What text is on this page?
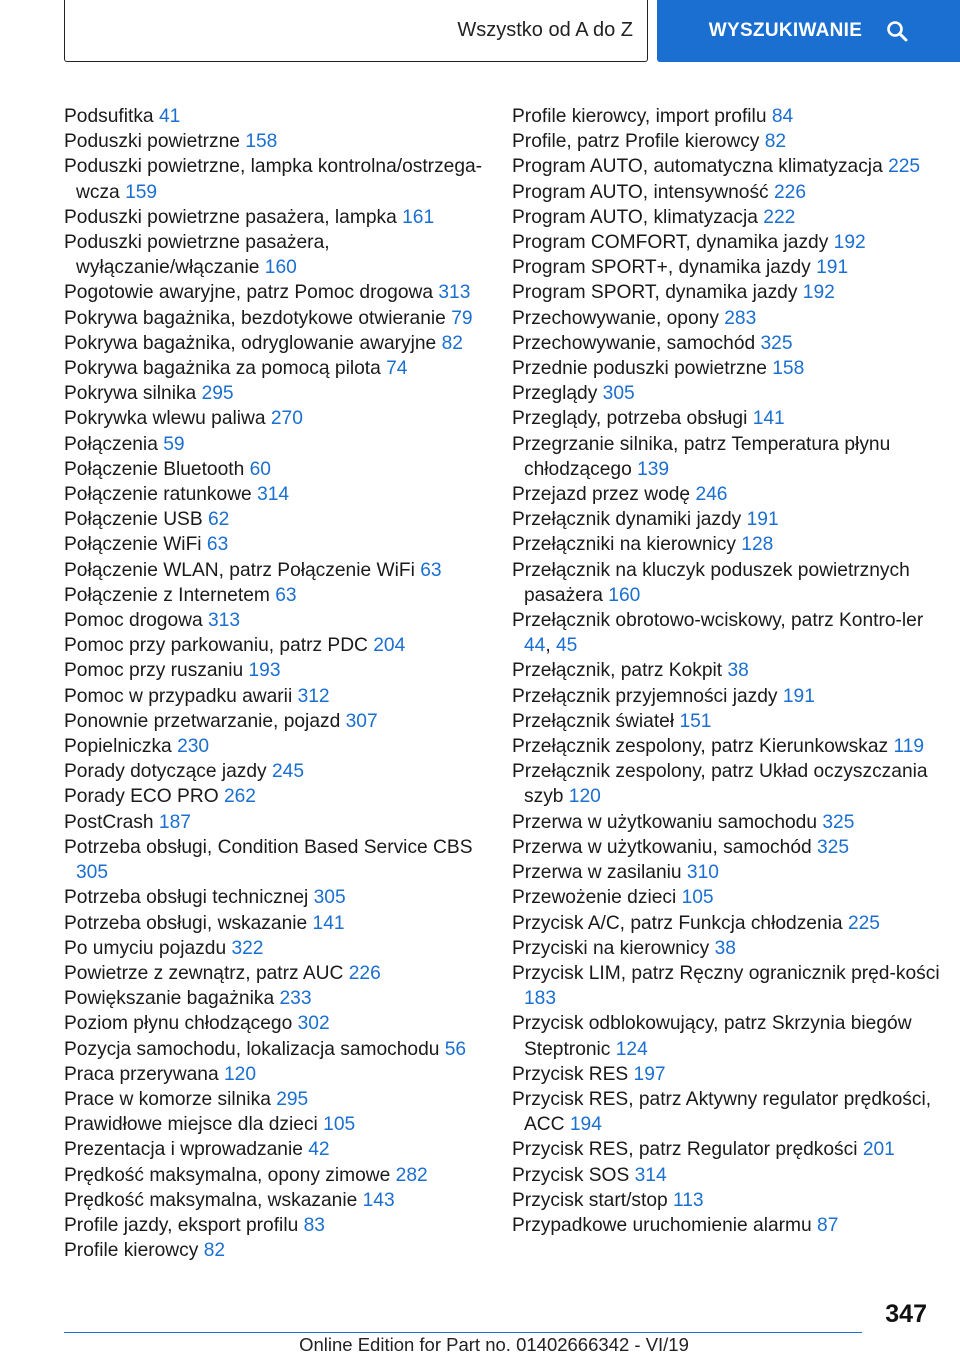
Wszystko od A do Z	WYSZUKIWANIE
Podsufitka 41
Poduszki powietrzne 158
Poduszki powietrzne, lampka kontrolna/ostrzega‐wcza 159
Poduszki powietrzne pasażera, lampka 161
Poduszki powietrzne pasażera, wyłączanie/włączanie 160
Pogotowie awaryjne, patrz Pomoc drogowa 313
Pokrywa bagażnika, bezdotykowe otwieranie 79
Pokrywa bagażnika, odryglowanie awaryjne 82
Pokrywa bagażnika za pomocą pilota 74
Pokrywa silnika 295
Pokrywka wlewu paliwa 270
Połączenia 59
Połączenie Bluetooth 60
Połączenie ratunkowe 314
Połączenie USB 62
Połączenie WiFi 63
Połączenie WLAN, patrz Połączenie WiFi 63
Połączenie z Internetem 63
Pomoc drogowa 313
Pomoc przy parkowaniu, patrz PDC 204
Pomoc przy ruszaniu 193
Pomoc w przypadku awarii 312
Ponownie przetwarzanie, pojazd 307
Popielniczka 230
Porady dotyczące jazdy 245
Porady ECO PRO 262
PostCrash 187
Potrzeba obsługi, Condition Based Service CBS 305
Potrzeba obsługi technicznej 305
Potrzeba obsługi, wskazanie 141
Po umyciu pojazdu 322
Powietrze z zewnątrz, patrz AUC 226
Powiększanie bagażnika 233
Poziom płynu chłodzącego 302
Pozycja samochodu, lokalizacja samochodu 56
Praca przerywana 120
Prace w komorze silnika 295
Prawidłowe miejsce dla dzieci 105
Prezentacja i wprowadzanie 42
Prędkość maksymalna, opony zimowe 282
Prędkość maksymalna, wskazanie 143
Profile jazdy, eksport profilu 83
Profile kierowcy 82
Profile kierowcy, import profilu 84
Profile, patrz Profile kierowcy 82
Program AUTO, automatyczna klimatyzacja 225
Program AUTO, intensywność 226
Program AUTO, klimatyzacja 222
Program COMFORT, dynamika jazdy 192
Program SPORT+, dynamika jazdy 191
Program SPORT, dynamika jazdy 192
Przechowywanie, opony 283
Przechowywanie, samochód 325
Przednie poduszki powietrzne 158
Przeglądy 305
Przeglądy, potrzeba obsługi 141
Przegrzanie silnika, patrz Temperatura płynu chłodzącego 139
Przejazd przez wodę 246
Przełącznik dynamiki jazdy 191
Przełączniki na kierownicy 128
Przełącznik na kluczyk poduszek powietrznych pasażera 160
Przełącznik obrotowo-wciskowy, patrz Kontro‐ler 44, 45
Przełącznik, patrz Kokpit 38
Przełącznik przyjemności jazdy 191
Przełącznik świateł 151
Przełącznik zespolony, patrz Kierunkowskaz 119
Przełącznik zespolony, patrz Układ oczyszczania szyb 120
Przerwa w użytkowaniu samochodu 325
Przerwa w użytkowaniu, samochód 325
Przerwa w zasilaniu 310
Przewożenie dzieci 105
Przycisk A/C, patrz Funkcja chłodzenia 225
Przyciski na kierownicy 38
Przycisk LIM, patrz Ręczny ogranicznik pręd‐kości 183
Przycisk odblokowujący, patrz Skrzynia biegów Steptronic 124
Przycisk RES 197
Przycisk RES, patrz Aktywny regulator prędkości, ACC 194
Przycisk RES, patrz Regulator prędkości 201
Przycisk SOS 314
Przycisk start/stop 113
Przypadkowe uruchomienie alarmu 87
347
Online Edition for Part no. 01402666342 - VI/19
